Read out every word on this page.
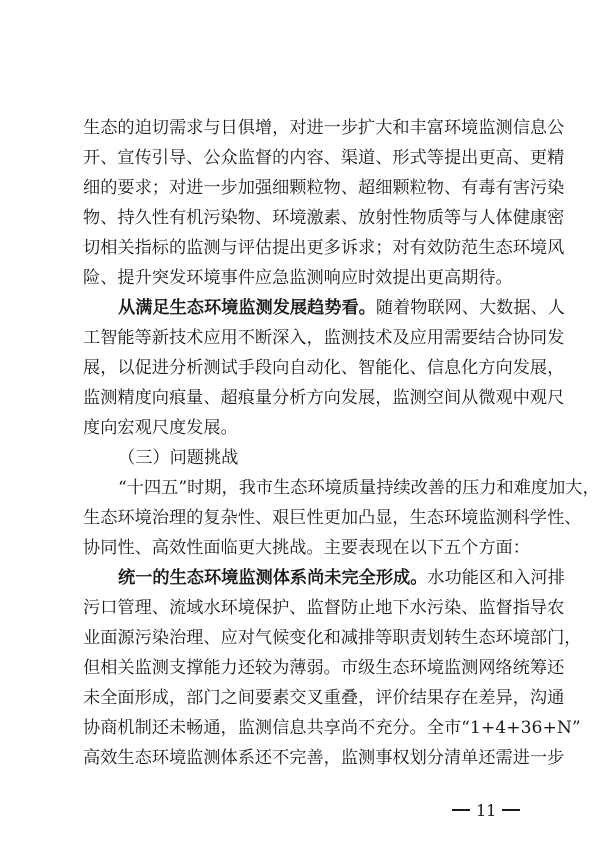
生态的迫切需求与日俱增，对进一步扩大和丰富环境监测信息公
开、宣传引导、公众监督的内容、渠道、形式等提出更高、更精
细的要求；对进一步加强细颗粒物、超细颗粒物、有毒有害污染
物、持久性有机污染物、环境激素、放射性物质等与人体健康密
切相关指标的监测与评估提出更多诉求；对有效防范生态环境风
险、提升突发环境事件应急监测响应时效提出更高期待。
从满足生态环境监测发展趋势看。随着物联网、大数据、人
工智能等新技术应用不断深入，监测技术及应用需要结合协同发
展，以促进分析测试手段向自动化、智能化、信息化方向发展，
监测精度向痕量、超痕量分析方向发展，监测空间从微观中观尺
度向宏观尺度发展。
（三）问题挑战
“十四五”时期，我市生态环境质量持续改善的压力和难度加大，
生态环境治理的复杂性、艰巨性更加凸显，生态环境监测科学性、
协同性、高效性面临更大挑战。主要表现在以下五个方面：
统一的生态环境监测体系尚未完全形成。水功能区和入河排
污口管理、流域水环境保护、监督防止地下水污染、监督指导农
业面源污染治理、应对气候变化和减排等职责划转生态环境部门，
但相关监测支撑能力还较为薄弱。市级生态环境监测网络统筹还
未全面形成，部门之间要素交叉重叠，评价结果存在差异，沟通
协商机制还未畅通，监测信息共享尚不充分。全市“1+4+36+N”
高效生态环境监测体系还不完善，监测事权划分清单还需进一步
11
